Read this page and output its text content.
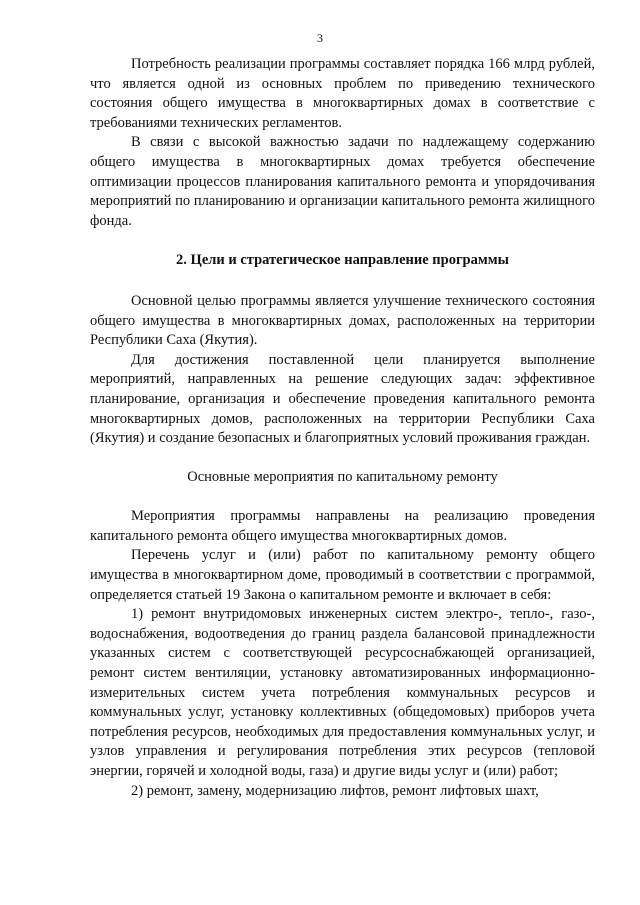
3

Потребность реализации программы составляет порядка 166 млрд рублей, что является одной из основных проблем по приведению технического состояния общего имущества в многоквартирных домах в соответствие с требованиями технических регламентов.

В связи с высокой важностью задачи по надлежащему содержанию общего имущества в многоквартирных домах требуется обеспечение оптимизации процессов планирования капитального ремонта и упорядочивания мероприятий по планированию и организации капитального ремонта жилищного фонда.

2. Цели и стратегическое направление программы

Основной целью программы является улучшение технического состояния общего имущества в многоквартирных домах, расположенных на территории Республики Саха (Якутия).

Для достижения поставленной цели планируется выполнение мероприятий, направленных на решение следующих задач: эффективное планирование, организация и обеспечение проведения капитального ремонта многоквартирных домов, расположенных на территории Республики Саха (Якутия) и создание безопасных и благоприятных условий проживания граждан.

Основные мероприятия по капитальному ремонту

Мероприятия программы направлены на реализацию проведения капитального ремонта общего имущества многоквартирных домов.

Перечень услуг и (или) работ по капитальному ремонту общего имущества в многоквартирном доме, проводимый в соответствии с программой, определяется статьей 19 Закона о капитальном ремонте и включает в себя:

1) ремонт внутридомовых инженерных систем электро-, тепло-, газо-, водоснабжения, водоотведения до границ раздела балансовой принадлежности указанных систем с соответствующей ресурсоснабжающей организацией, ремонт систем вентиляции, установку автоматизированных информационно-измерительных систем учета потребления коммунальных ресурсов и коммунальных услуг, установку коллективных (общедомовых) приборов учета потребления ресурсов, необходимых для предоставления коммунальных услуг, и узлов управления и регулирования потребления этих ресурсов (тепловой энергии, горячей и холодной воды, газа) и другие виды услуг и (или) работ;

2) ремонт, замену, модернизацию лифтов, ремонт лифтовых шахт,
